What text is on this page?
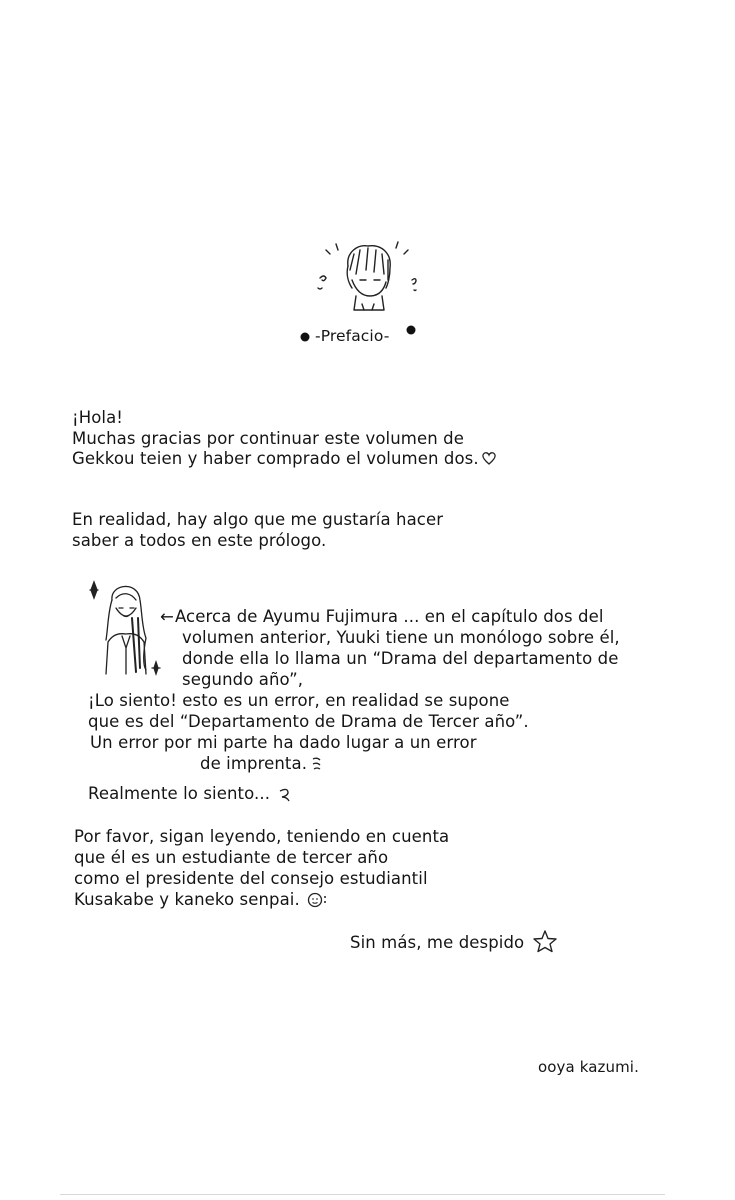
-Prefacio-
¡Hola!
Muchas gracias por continuar este volumen de
Gekkou teien y haber comprado el volumen dos.
En realidad, hay algo que me gustaría hacer
saber a todos en este prólogo.
←Acerca de Ayumu Fujimura ... en el capítulo dos del
volumen anterior, Yuuki tiene un monólogo sobre él,
donde ella lo llama un “Drama del departamento de
segundo año”,
¡Lo siento! esto es un error, en realidad se supone
que es del “Departamento de Drama de Tercer año”.
Un error por mi parte ha dado lugar a un error
de imprenta.
Realmente lo siento...
Por favor, sigan leyendo, teniendo en cuenta
que él es un estudiante de tercer año
como el presidente del consejo estudiantil
Kusakabe y kaneko senpai.
Sin más, me despido
ooya kazumi.
